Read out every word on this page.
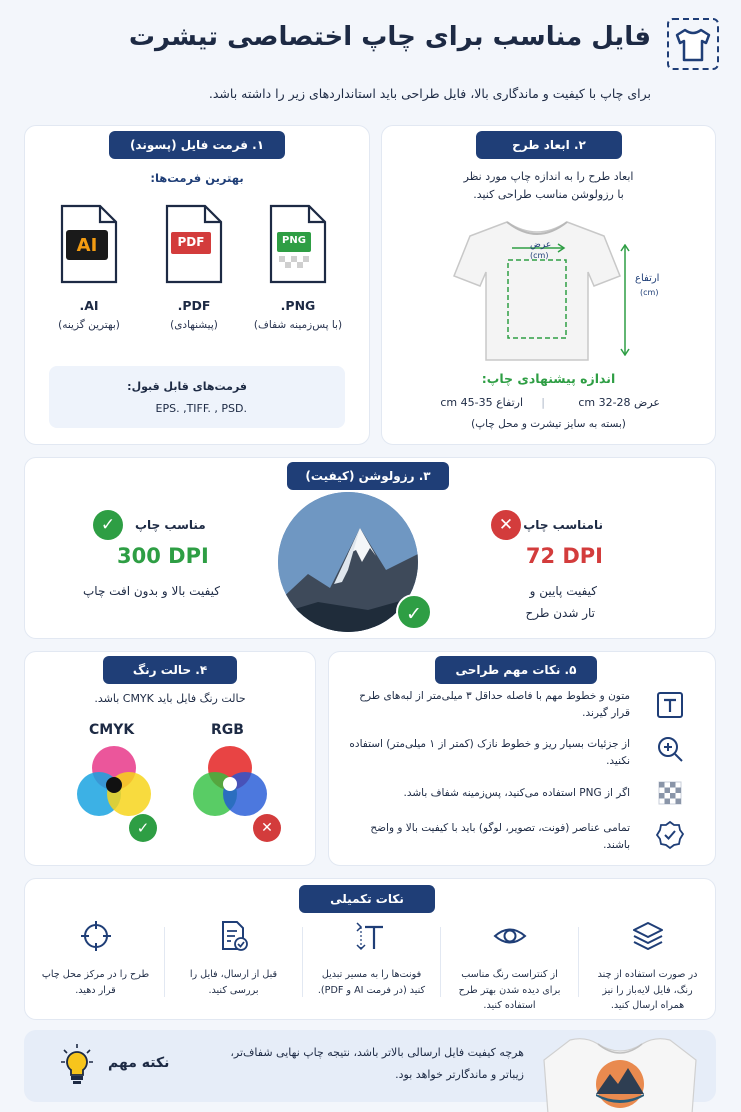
فایل مناسب برای چاپ اختصاصی تیشرت
برای چاپ با کیفیت و ماندگاری بالا، فایل طراحی باید استانداردهای زیر را داشته باشد.
۱. فرمت فایل (پسوند)
بهترین فرمت‌ها:
PNG
PNG.
(با پس‌زمینه شفاف)
PDF
PDF.
(پیشنهادی)
AI
AI.
(بهترین گزینه)
فرمت‌های قابل قبول:
EPS. ,TIFF. , PSD.
۲. ابعاد طرح
ابعاد طرح را به اندازه چاپ مورد نظر
با رزولوشن مناسب طراحی کنید.
عرض
(cm)
ارتفاع
(cm)
اندازه پیشنهادی چاپ:
عرض cm 32-28
|
ارتفاع cm 45-35
(بسته به سایز تیشرت و محل چاپ)
۳. رزولوشن (کیفیت)
✕ نامناسب چاپ
72 DPI
کیفیت پایین و
تار شدن طرح
✓
✓	مناسب چاپ
300 DPI
کیفیت بالا و بدون افت چاپ
۴. حالت رنگ
حالت رنگ فایل باید CMYK باشد.
CMYK	RGB
✓	✕
۵. نکات مهم طراحی
متون و خطوط مهم با فاصله حداقل ۳ میلی‌متر از لبه‌های طرح قرار گیرند.
از جزئیات بسیار ریز و خطوط نازک (کمتر از ۱ میلی‌متر) استفاده نکنید.
اگر از PNG استفاده می‌کنید، پس‌زمینه شفاف باشد.
تمامی عناصر (فونت، تصویر، لوگو) باید با کیفیت بالا و واضح باشند.
نکات تکمیلی
در صورت استفاده از چند رنگ، فایل لایه‌باز را نیز همراه ارسال کنید.
از کنتراست رنگ مناسب برای دیده شدن بهتر طرح استفاده کنید.
فونت‌ها را به مسیر تبدیل کنید (در فرمت AI و PDF).
قبل از ارسال، فایل را بررسی کنید.
طرح را در مرکز محل چاپ قرار دهید.
نکته مهم
هرچه کیفیت فایل ارسالی بالاتر باشد، نتیجه چاپ نهایی شفاف‌تر،
زیباتر و ماندگارتر خواهد بود.
